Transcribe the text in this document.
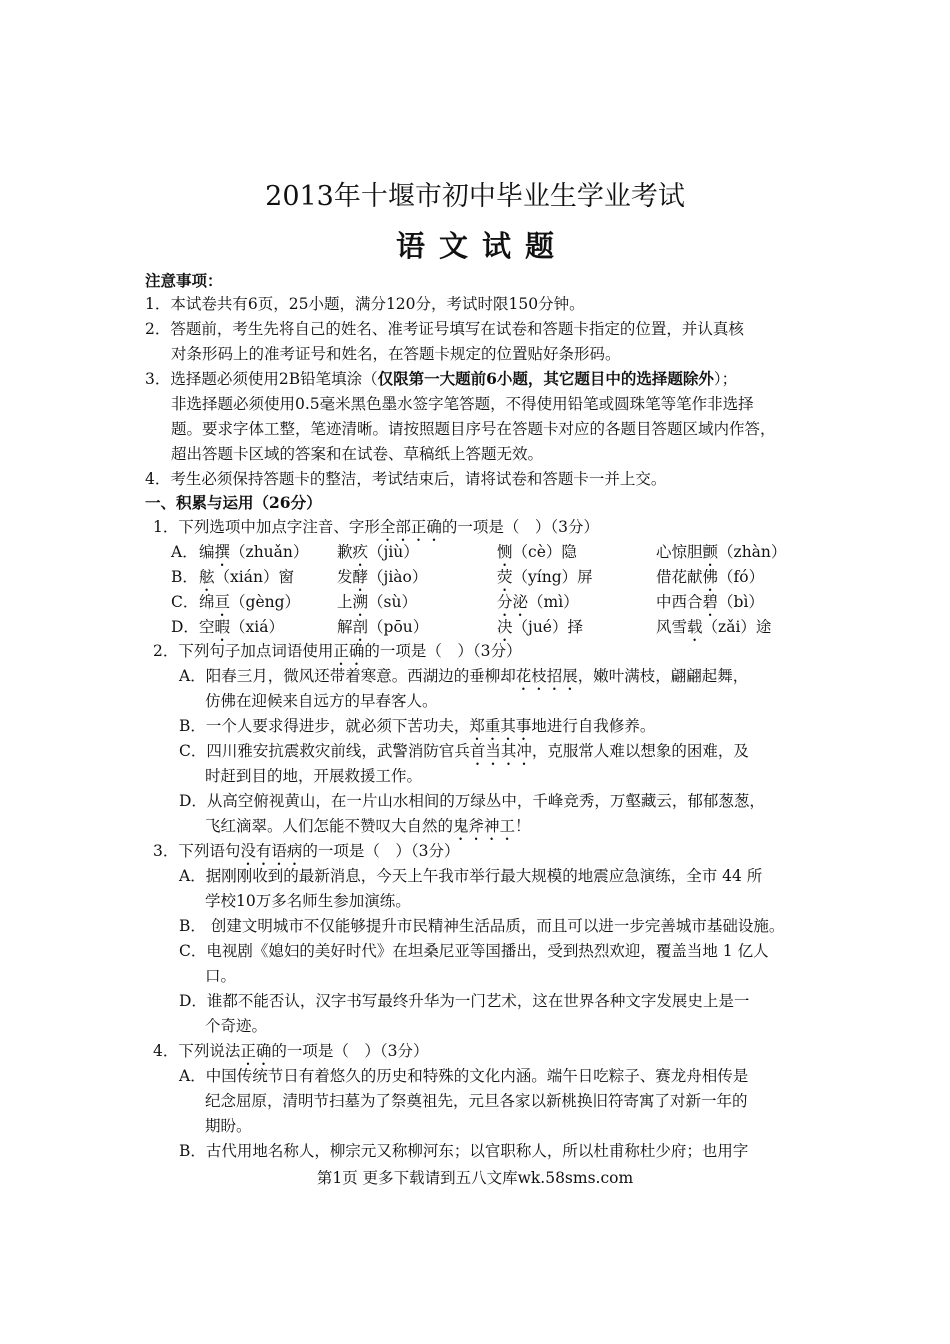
2013年十堰市初中毕业生学业考试
语文试题
注意事项：
1．本试卷共有6页，25小题，满分120分，考试时限150分钟。
2．答题前，考生先将自己的姓名、准考证号填写在试卷和答题卡指定的位置，并认真核
对条形码上的准考证号和姓名，在答题卡规定的位置贴好条形码。
3．选择题必须使用2B铅笔填涂（仅限第一大题前6小题，其它题目中的选择题除外）；
非选择题必须使用0.5毫米黑色墨水签字笔答题，不得使用铅笔或圆珠笔等笔作非选择
题。要求字体工整，笔迹清晰。请按照题目序号在答题卡对应的各题目答题区域内作答，
超出答题卡区域的答案和在试卷、草稿纸上答题无效。
4．考生必须保持答题卡的整洁，考试结束后，请将试卷和答题卡一并上交。
一、积累与运用（26分）
1．下列选项中加点字注音、字形全部正确的一项是（　）（3分）
A． 编撰（zhuǎn） 歉疚（jiù）	恻（cè）隐	心惊胆颤（zhàn）
B． 舷（xián）窗	发酵（jiào）	荧（yíng）屏	借花献佛（fó）
C． 绵亘（gèng） 上溯（sù）	分泌（mì）	中西合碧（bì）
D． 空暇（xiá）	解剖（pōu）	决（jué）择	风雪载（zǎi）途
2．下列句子加点词语使用正确的一项是（　）（3分）
A．阳春三月，微风还带着寒意。西湖边的垂柳却花枝招展，嫩叶满枝，翩翩起舞，
仿佛在迎候来自远方的早春客人。
B．一个人要求得进步，就必须下苦功夫，郑重其事地进行自我修养。
C．四川雅安抗震救灾前线，武警消防官兵首当其冲，克服常人难以想象的困难，及
时赶到目的地，开展救援工作。
D．从高空俯视黄山，在一片山水相间的万绿丛中，千峰竞秀，万壑藏云，郁郁葱葱，
飞红滴翠。人们怎能不赞叹大自然的鬼斧神工！
3．下列语句没有语病的一项是（　）（3分）
A．据刚刚收到的最新消息，今天上午我市举行最大规模的地震应急演练，全市 44 所
学校10万多名师生参加演练。
B． 创建文明城市不仅能够提升市民精神生活品质，而且可以进一步完善城市基础设施。
C．电视剧《媳妇的美好时代》在坦桑尼亚等国播出，受到热烈欢迎，覆盖当地 1 亿人
口。
D．谁都不能否认，汉字书写最终升华为一门艺术，这在世界各种文字发展史上是一
个奇迹。
4．下列说法正确的一项是（　）（3分）
A．中国传统节日有着悠久的历史和特殊的文化内涵。端午日吃粽子、赛龙舟相传是
纪念屈原，清明节扫墓为了祭奠祖先，元旦各家以新桃换旧符寄寓了对新一年的
期盼。
B．古代用地名称人，柳宗元又称柳河东；以官职称人，所以杜甫称杜少府；也用字
第1页 更多下载请到五八文库wk.58sms.com
